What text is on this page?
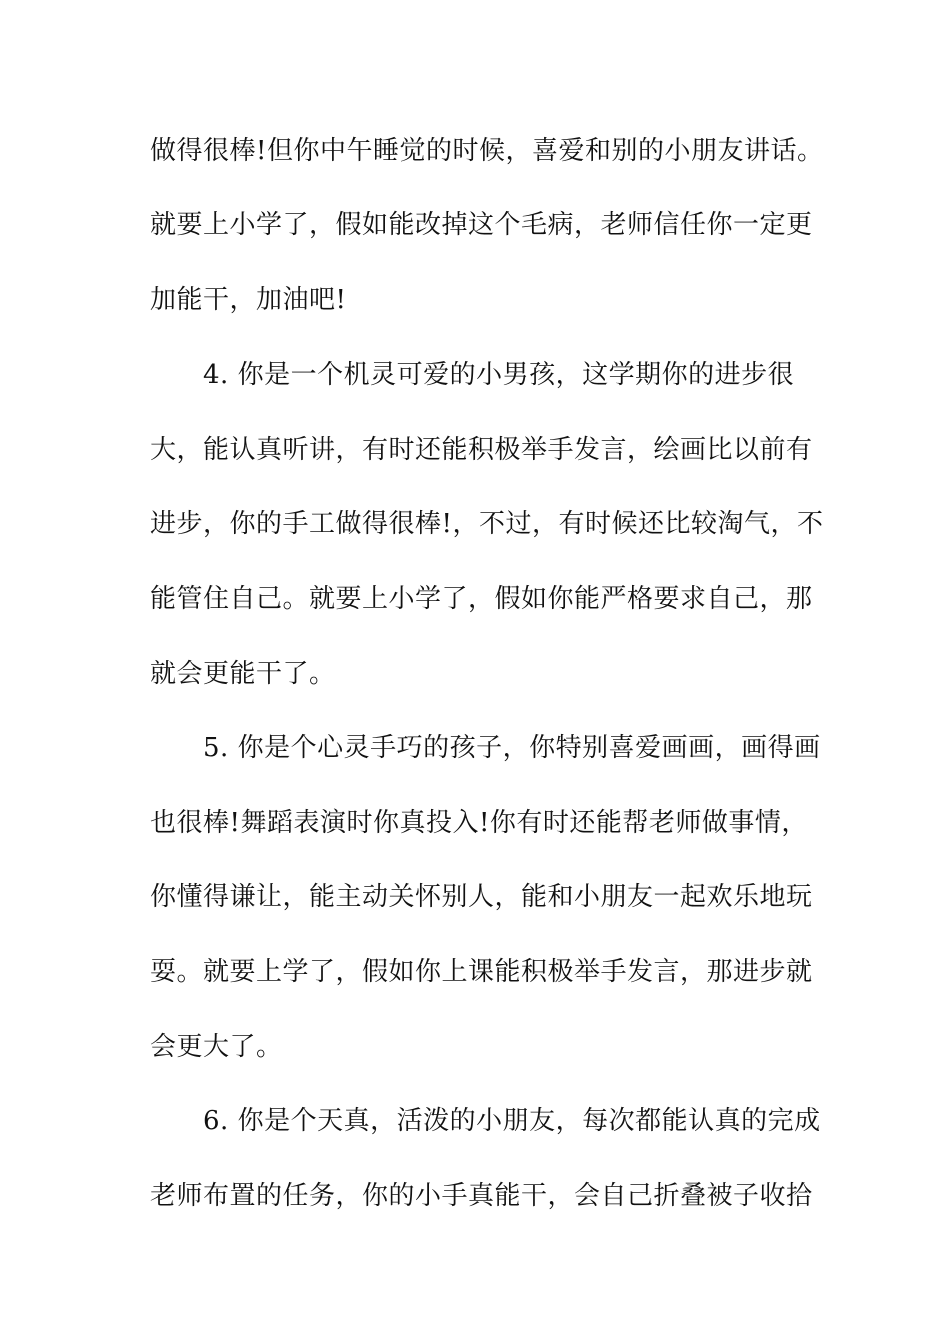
做得很棒!但你中午睡觉的时候，喜爱和别的小朋友讲话。
就要上小学了，假如能改掉这个毛病，老师信任你一定更
加能干，加油吧!
4. 你是一个机灵可爱的小男孩，这学期你的进步很
大，能认真听讲，有时还能积极举手发言，绘画比以前有
进步，你的手工做得很棒!，不过，有时候还比较淘气，不
能管住自己。就要上小学了，假如你能严格要求自己，那
就会更能干了。
5. 你是个心灵手巧的孩子，你特别喜爱画画，画得画
也很棒!舞蹈表演时你真投入!你有时还能帮老师做事情，
你懂得谦让，能主动关怀别人，能和小朋友一起欢乐地玩
耍。就要上学了，假如你上课能积极举手发言，那进步就
会更大了。
6. 你是个天真，活泼的小朋友，每次都能认真的完成
老师布置的任务，你的小手真能干，会自己折叠被子收拾
